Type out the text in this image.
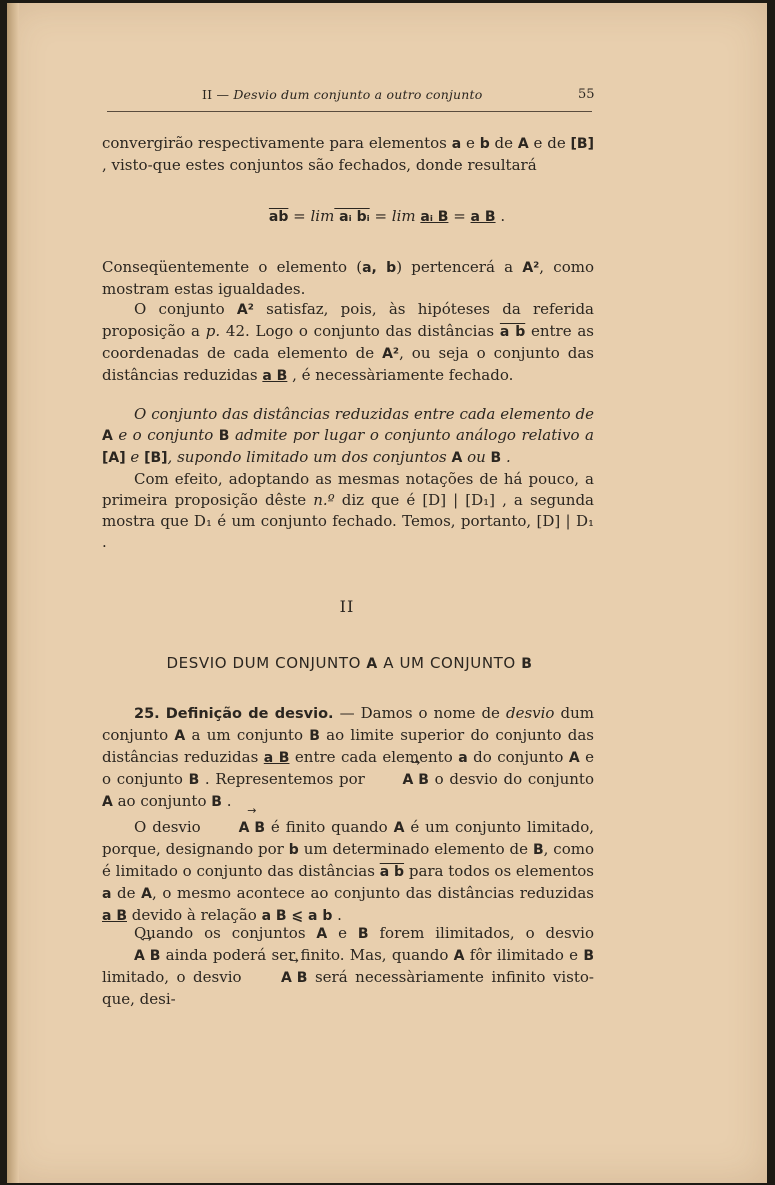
II — Desvio dum conjunto a outro conjunto	55

convergirão respectivamente para elementos a e b de A e de [B] , visto-que estes conjuntos são fechados, donde resultará

$\overline{ab} = \lim$ aᵢ bᵢ = lim aᵢ B = a B .

Conseqüentemente o elemento (a, b) pertencerá a A², como mostram estas igualdades.

O conjunto A² satisfaz, pois, às hipóteses da referida proposição a p. 42. Logo o conjunto das distâncias a b entre as coordenadas de cada elemento de A², ou seja o conjunto das distâncias reduzidas a B , é necessàriamente fechado.

O conjunto das distâncias reduzidas entre cada elemento de A e o conjunto B admite por lugar o conjunto análogo relativo a [A] e [B], supondo limitado um dos conjuntos A ou B .

Com efeito, adoptando as mesmas notações de há pouco, a primeira proposição dêste n.º diz que é [D] | [D₁] , a segunda mostra que D₁ é um conjunto fechado. Temos, portanto, [D] | D₁ .

II
DESVIO DUM CONJUNTO A A UM CONJUNTO B

25. Definição de desvio. — Damos o nome de desvio dum conjunto A a um conjunto B ao limite superior do conjunto das distâncias reduzidas a B entre cada elemento a do conjunto A e o conjunto B . Representemos por → A B o desvio do conjunto A ao conjunto B .

O desvio → A B é finito quando A é um conjunto limitado, porque, designando por b um determinado elemento de B, como é limitado o conjunto das distâncias a b para todos os elementos a de A, o mesmo acontece ao conjunto das distâncias reduzidas a B devido à relação a B ⩽ a b .

Quando os conjuntos A e B forem ilimitados, o desvio → A B ainda poderá ser finito. Mas, quando A fôr ilimitado e B limitado, o desvio → A B será necessàriamente infinito visto-que, desi-
